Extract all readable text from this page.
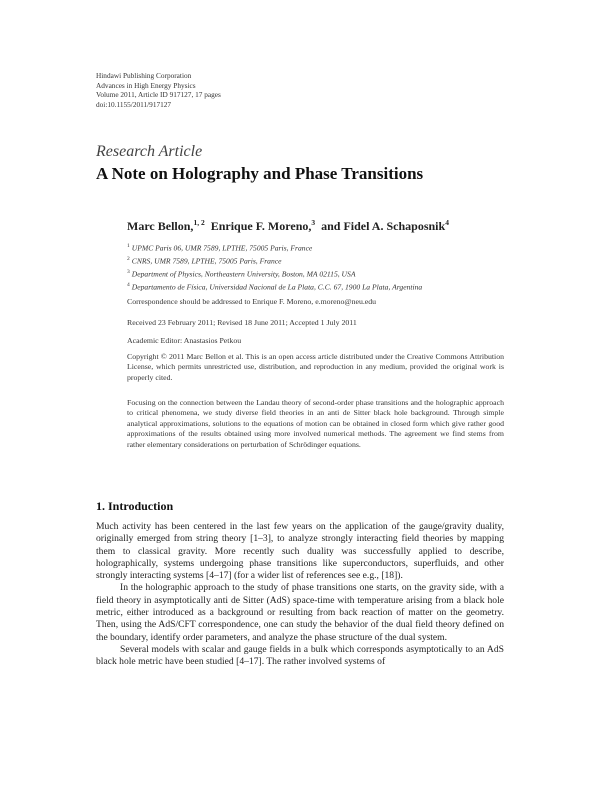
Hindawi Publishing Corporation
Advances in High Energy Physics
Volume 2011, Article ID 917127, 17 pages
doi:10.1155/2011/917127
Research Article
A Note on Holography and Phase Transitions
Marc Bellon,$^{1, 2}$ Enrique F. Moreno,$^3$ and Fidel A. Schaposnik$^4$
$^1$ UPMC Paris 06, UMR 7589, LPTHE, 75005 Paris, France
$^2$ CNRS, UMR 7589, LPTHE, 75005 Paris, France
$^3$ Department of Physics, Northeastern University, Boston, MA 02115, USA
$^4$ Departamento de Física, Universidad Nacional de La Plata, C.C. 67, 1900 La Plata, Argentina
Correspondence should be addressed to Enrique F. Moreno, e.moreno@neu.edu
Received 23 February 2011; Revised 18 June 2011; Accepted 1 July 2011
Academic Editor: Anastasios Petkou
Copyright © 2011 Marc Bellon et al. This is an open access article distributed under the Creative Commons Attribution License, which permits unrestricted use, distribution, and reproduction in any medium, provided the original work is properly cited.
Focusing on the connection between the Landau theory of second-order phase transitions and the holographic approach to critical phenomena, we study diverse field theories in an anti de Sitter black hole background. Through simple analytical approximations, solutions to the equations of motion can be obtained in closed form which give rather good approximations of the results obtained using more involved numerical methods. The agreement we find stems from rather elementary considerations on perturbation of Schrödinger equations.
1. Introduction

Much activity has been centered in the last few years on the application of the gauge/gravity duality, originally emerged from string theory [1–3], to analyze strongly interacting field theories by mapping them to classical gravity. More recently such duality was successfully applied to describe, holographically, systems undergoing phase transitions like superconductors, superfluids, and other strongly interacting systems [4–17] (for a wider list of references see e.g., [18]).

In the holographic approach to the study of phase transitions one starts, on the gravity side, with a field theory in asymptotically anti de Sitter (AdS) space-time with temperature arising from a black hole metric, either introduced as a background or resulting from back reaction of matter on the geometry. Then, using the AdS/CFT correspondence, one can study the behavior of the dual field theory defined on the boundary, identify order parameters, and analyze the phase structure of the dual system.

Several models with scalar and gauge fields in a bulk which corresponds asymptotically to an AdS black hole metric have been studied [4–17]. The rather involved systems of
